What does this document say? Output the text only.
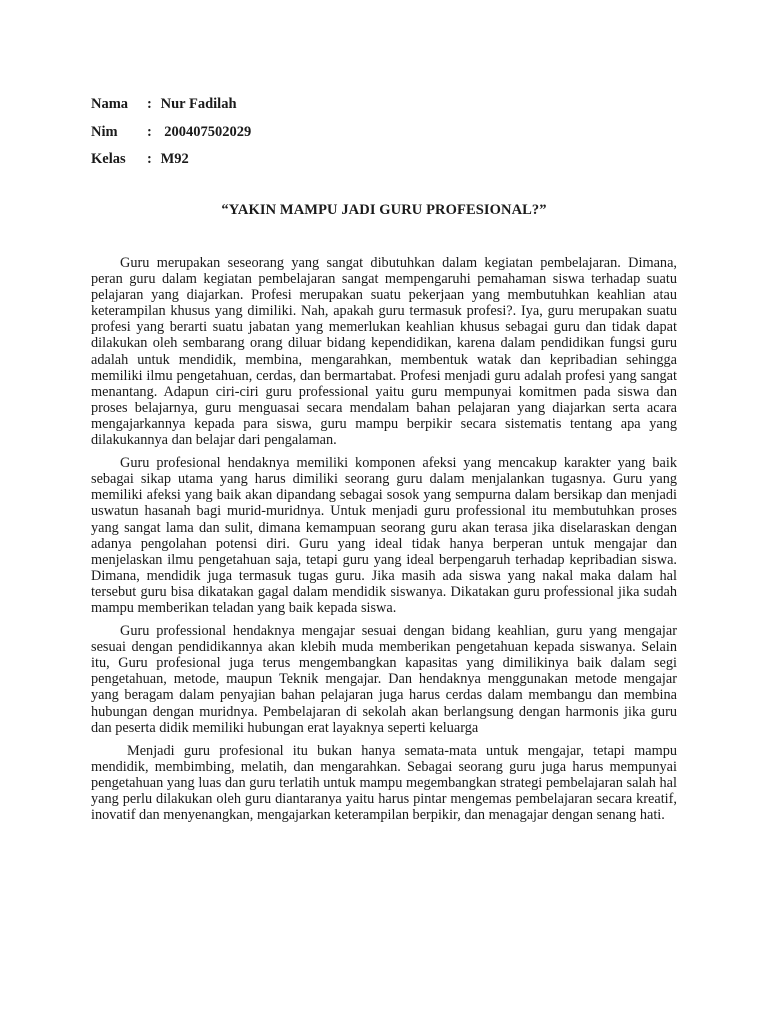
Nama	: Nur Fadilah
Nim	: 200407502029
Kelas	: M92
“YAKIN MAMPU JADI GURU PROFESIONAL?”

Guru merupakan seseorang yang sangat dibutuhkan dalam kegiatan pembelajaran. Dimana, peran guru dalam kegiatan pembelajaran sangat mempengaruhi pemahaman siswa terhadap suatu pelajaran yang diajarkan. Profesi merupakan suatu pekerjaan yang membutuhkan keahlian atau keterampilan khusus yang dimiliki. Nah, apakah guru termasuk profesi?. Iya, guru merupakan suatu profesi yang berarti suatu jabatan yang memerlukan keahlian khusus sebagai guru dan tidak dapat dilakukan oleh sembarang orang diluar bidang kependidikan, karena dalam pendidikan fungsi guru adalah untuk mendidik, membina, mengarahkan, membentuk watak dan kepribadian sehingga memiliki ilmu pengetahuan, cerdas, dan bermartabat. Profesi menjadi guru adalah profesi yang sangat menantang. Adapun ciri-ciri guru professional yaitu guru mempunyai komitmen pada siswa dan proses belajarnya, guru menguasai secara mendalam bahan pelajaran yang diajarkan serta acara mengajarkannya kepada para siswa, guru mampu berpikir secara sistematis tentang apa yang dilakukannya dan belajar dari pengalaman.

Guru profesional hendaknya memiliki komponen afeksi yang mencakup karakter yang baik sebagai sikap utama yang harus dimiliki seorang guru dalam menjalankan tugasnya. Guru yang memiliki afeksi yang baik akan dipandang sebagai sosok yang sempurna dalam bersikap dan menjadi uswatun hasanah bagi murid-muridnya. Untuk menjadi guru professional itu membutuhkan proses yang sangat lama dan sulit, dimana kemampuan seorang guru akan terasa jika diselaraskan dengan adanya pengolahan potensi diri. Guru yang ideal tidak hanya berperan untuk mengajar dan menjelaskan ilmu pengetahuan saja, tetapi guru yang ideal berpengaruh terhadap kepribadian siswa. Dimana, mendidik juga termasuk tugas guru. Jika masih ada siswa yang nakal maka dalam hal tersebut guru bisa dikatakan gagal dalam mendidik siswanya. Dikatakan guru professional jika sudah mampu memberikan teladan yang baik kepada siswa.

Guru professional hendaknya mengajar sesuai dengan bidang keahlian, guru yang mengajar sesuai dengan pendidikannya akan klebih muda memberikan pengetahuan kepada siswanya. Selain itu, Guru profesional juga terus mengembangkan kapasitas yang dimilikinya baik dalam segi pengetahuan, metode, maupun Teknik mengajar. Dan hendaknya menggunakan metode mengajar yang beragam dalam penyajian bahan pelajaran juga harus cerdas dalam membangu dan membina hubungan dengan muridnya. Pembelajaran di sekolah akan berlangsung dengan harmonis jika guru dan peserta didik memiliki hubungan erat layaknya seperti keluarga

Menjadi guru profesional itu bukan hanya semata-mata untuk mengajar, tetapi mampu mendidik, membimbing, melatih, dan mengarahkan. Sebagai seorang guru juga harus mempunyai pengetahuan yang luas dan guru terlatih untuk mampu megembangkan strategi pembelajaran salah hal yang perlu dilakukan oleh guru diantaranya yaitu harus pintar mengemas pembelajaran secara kreatif, inovatif dan menyenangkan, mengajarkan keterampilan berpikir, dan menagajar dengan senang hati.
